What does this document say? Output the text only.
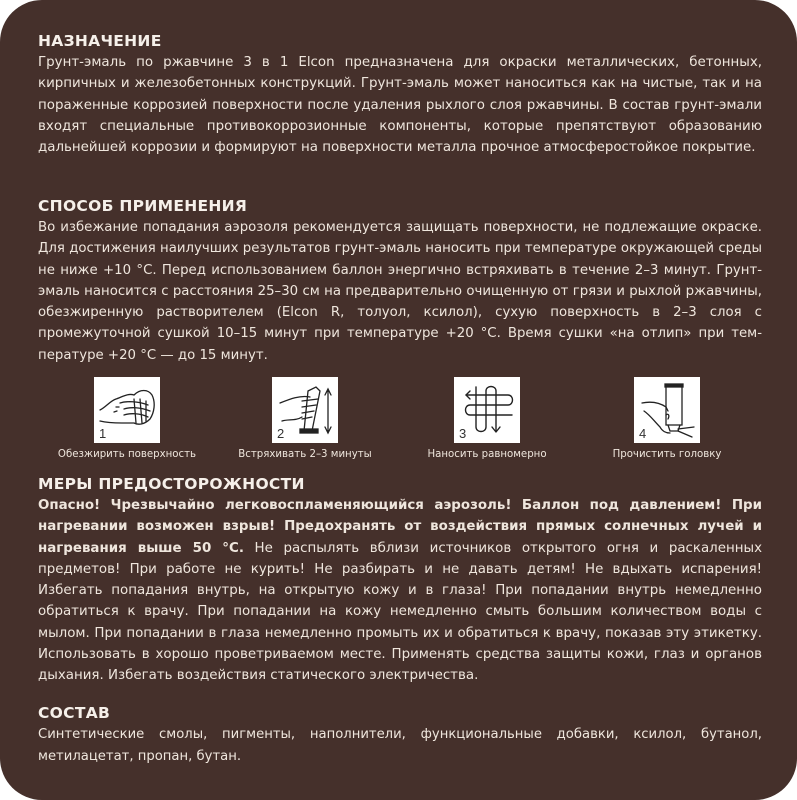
НАЗНАЧЕНИЕ

Грунт-эмаль по ржавчине 3 в 1 Elcon предназначена для окраски металлических, бетонных, кирпичных и железобетонных конструкций. Грунт-эмаль может наноситься как на чистые, так и на пораженные коррозией поверхности после удаления рыхлого слоя ржавчины. В состав грунт-эмали входят специальные противокоррозионные компоненты, которые препятствуют образованию дальнейшей коррозии и формируют на поверхности металла прочное атмосферостойкое покрытие.

СПОСОБ ПРИМЕНЕНИЯ

Во избежание попадания аэрозоля рекомендуется защищать поверхности, не подлежащие окраске. Для достижения наилучших результатов грунт-эмаль наносить при температуре окружающей среды не ниже +10 °C. Перед использованием баллон энергично встряхивать в течение 2–3 минут. Грунт-эмаль наносится с расстояния 25–30 см на предварительно очищенную от грязи и рыхлой ржавчины, обезжиренную растворителем (Elcon R, толуол, ксилол), сухую поверхность в 2–3 слоя с промежуточной сушкой 10–15 минут при температуре +20 °C. Время сушки «на отлип» при температуре +20 °C — до 15 минут.

1
Обезжирить поверхность
2
Встряхивать 2–3 минуты
3
Наносить равномерно
4
Прочистить головку
МЕРЫ ПРЕДОСТОРОЖНОСТИ

Опасно! Чрезвычайно легковоспламеняющийся аэрозоль! Баллон под давлением! При нагревании возможен взрыв! Предохранять от воздействия прямых солнечных лучей и нагревания выше 50 °C. Не распылять вблизи источников открытого огня и раскаленных предметов! При работе не курить! Не разбирать и не давать детям! Не вдыхать испарения! Избегать попадания внутрь, на открытую кожу и в глаза! При попадании внутрь немедленно обратиться к врачу. При попадании на кожу немедленно смыть большим количеством воды с мылом. При попадании в глаза немедленно промыть их и обратиться к врачу, показав эту этикетку. Использовать в хорошо проветриваемом месте. Применять средства защиты кожи, глаз и органов дыхания. Избегать воздействия статического электричества.

СОСТАВ

Синтетические смолы, пигменты, наполнители, функциональные добавки, ксилол, бутанол, метилацетат, пропан, бутан.
